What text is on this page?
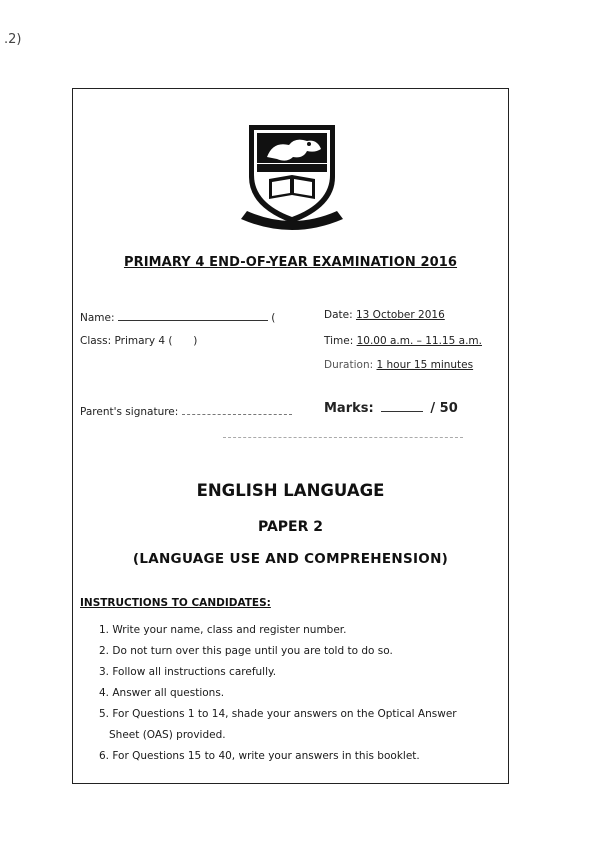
.2)
PRIMARY 4 END-OF-YEAR EXAMINATION 2016
Name:	(	Date: 13 October 2016
Class: Primary 4 ( )	Time: 10.00 a.m. – 11.15 a.m.
Duration: 1 hour 15 minutes
Parent's signature:	Marks:	/ 50
ENGLISH LANGUAGE
PAPER 2
(LANGUAGE USE AND COMPREHENSION)
INSTRUCTIONS TO CANDIDATES:
1. Write your name, class and register number.
2. Do not turn over this page until you are told to do so.
3. Follow all instructions carefully.
4. Answer all questions.
5. For Questions 1 to 14, shade your answers on the Optical Answer
Sheet (OAS) provided.
6. For Questions 15 to 40, write your answers in this booklet.
